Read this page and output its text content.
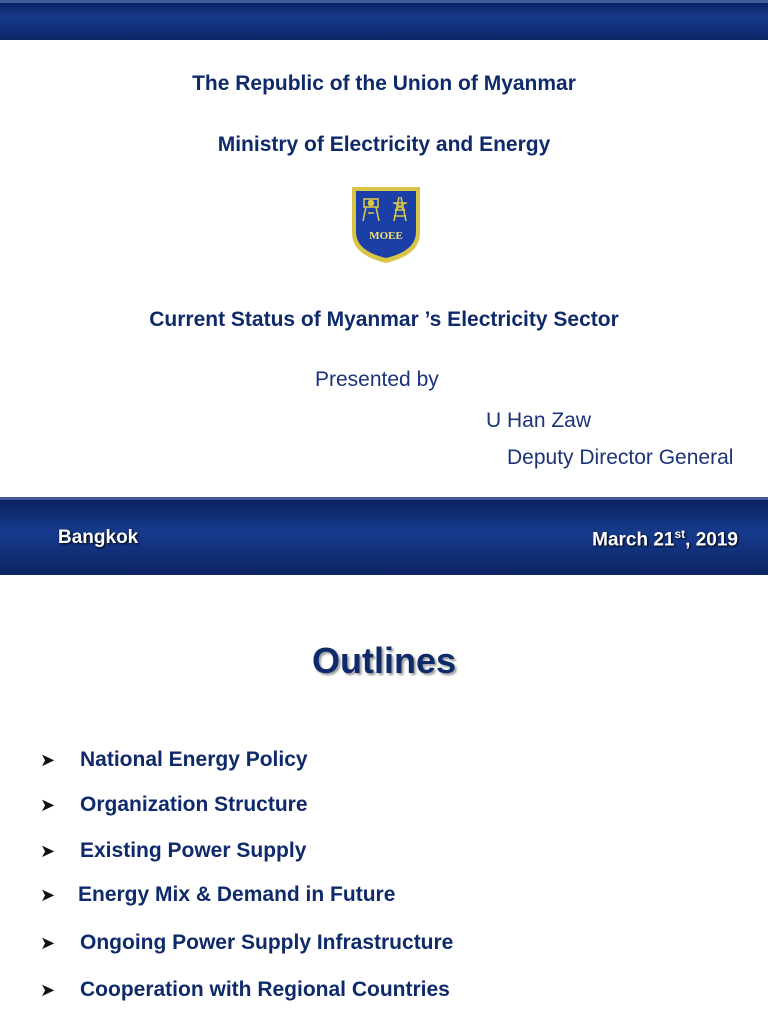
The Republic of the Union of Myanmar
Ministry of Electricity and Energy
MOEE
Current Status of Myanmar ’s Electricity Sector
Presented by
U Han Zaw
Deputy Director General
Bangkok	March 21st, 2019
Outlines
➤	National Energy Policy
➤	Organization Structure
➤	Existing Power Supply
➤	Energy Mix & Demand in Future
➤	Ongoing Power Supply Infrastructure
➤	Cooperation with Regional Countries
